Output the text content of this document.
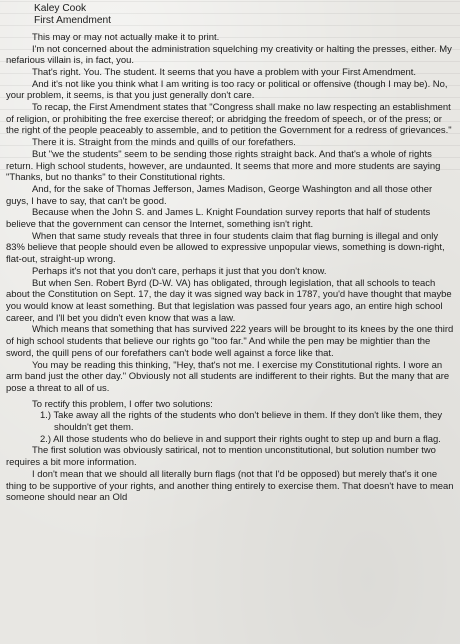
Kaley Cook
First Amendment

This may or may not actually make it to print.

I'm not concerned about the administration squelching my creativity or halting the presses, either. My nefarious villain is, in fact, you.

That's right. You. The student. It seems that you have a problem with your First Amendment.

And it's not like you think what I am writing is too racy or political or offensive (though I may be). No, your problem, it seems, is that you just generally don't care.

To recap, the First Amendment states that "Congress shall make no law respecting an establishment of religion, or prohibiting the free exercise thereof; or abridging the freedom of speech, or of the press; or the right of the people peaceably to assemble, and to petition the Government for a redress of grievances."

There it is. Straight from the minds and quills of our forefathers.

But "we the students" seem to be sending those rights straight back. And that's a whole of rights return. High school students, however, are undaunted. It seems that more and more students are saying "Thanks, but no thanks" to their Constitutional rights.

And, for the sake of Thomas Jefferson, James Madison, George Washington and all those other guys, I have to say, that can't be good.

Because when the John S. and James L. Knight Foundation survey reports that half of students believe that the government can censor the Internet, something isn't right.

When that same study reveals that three in four students claim that flag burning is illegal and only 83% believe that people should even be allowed to expressive unpopular views, something is down-right, flat-out, straight-up wrong.

Perhaps it's not that you don't care, perhaps it just that you don't know.

But when Sen. Robert Byrd (D-W. VA) has obligated, through legislation, that all schools to teach about the Constitution on Sept. 17, the day it was signed way back in 1787, you'd have thought that maybe you would know at least something. But that legislation was passed four years ago, an entire high school career, and I'll bet you didn't even know that was a law.

Which means that something that has survived 222 years will be brought to its knees by the one third of high school students that believe our rights go "too far." And while the pen may be mightier than the sword, the quill pens of our forefathers can't bode well against a force like that.

You may be reading this thinking, "Hey, that's not me. I exercise my Constitutional rights. I wore an arm band just the other day." Obviously not all students are indifferent to their rights. But the many that are pose a threat to all of us.

To rectify this problem, I offer two solutions:

1.) Take away all the rights of the students who don't believe in them. If they don't like them, they shouldn't get them.
2.) All those students who do believe in and support their rights ought to step up and burn a flag.

The first solution was obviously satirical, not to mention unconstitutional, but solution number two requires a bit more information.

I don't mean that we should all literally burn flags (not that I'd be opposed) but merely that's it one thing to be supportive of your rights, and another thing entirely to exercise them. That doesn't have to mean someone should near an Old
